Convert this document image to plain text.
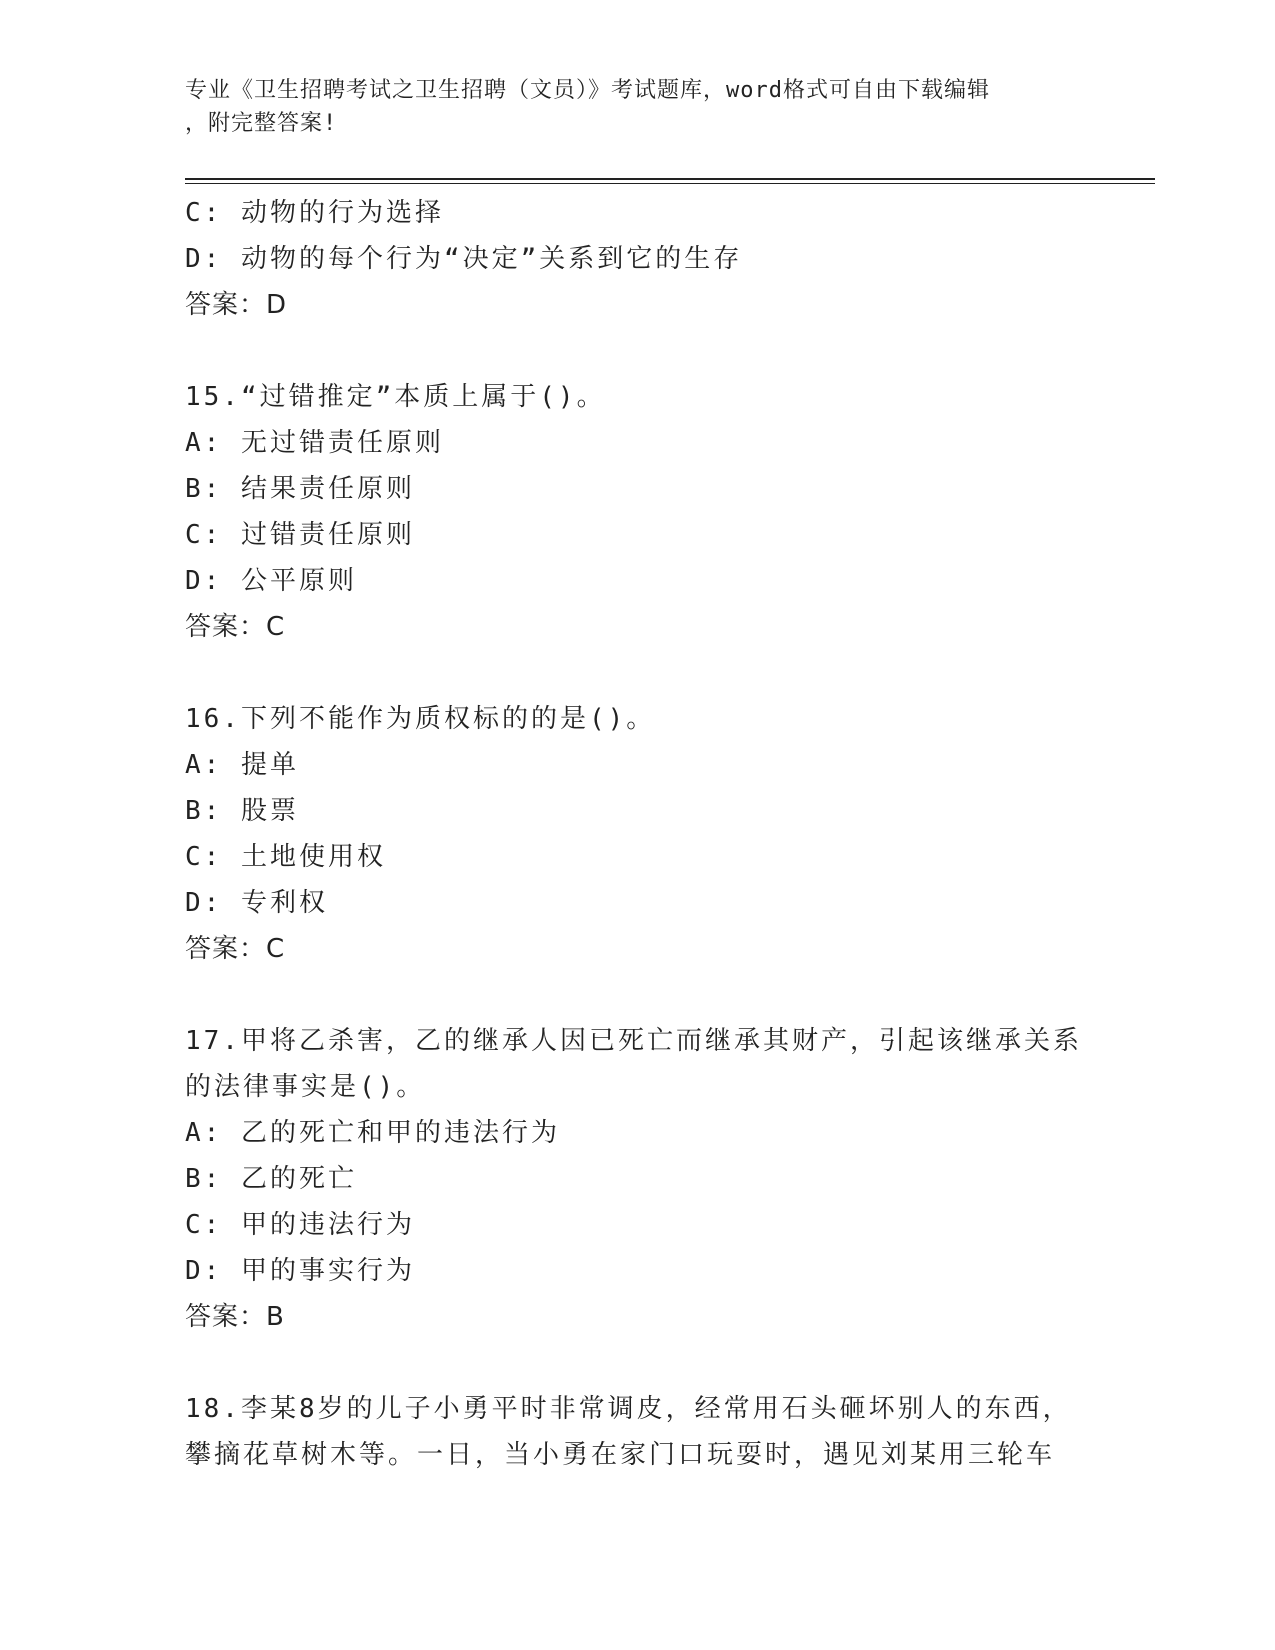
专业《卫生招聘考试之卫生招聘（文员）》考试题库，word格式可自由下载编辑
，附完整答案!
C: 动物的行为选择
D: 动物的每个行为“决定”关系到它的生存
答案：D
15.“过错推定”本质上属于()。
A: 无过错责任原则
B: 结果责任原则
C: 过错责任原则
D: 公平原则
答案：C
16.下列不能作为质权标的的是()。
A: 提单
B: 股票
C: 土地使用权
D: 专利权
答案：C
17.甲将乙杀害，乙的继承人因已死亡而继承其财产，引起该继承关系
的法律事实是()。
A: 乙的死亡和甲的违法行为
B: 乙的死亡
C: 甲的违法行为
D: 甲的事实行为
答案：B
18.李某8岁的儿子小勇平时非常调皮，经常用石头砸坏别人的东西，
攀摘花草树木等。一日，当小勇在家门口玩耍时，遇见刘某用三轮车
